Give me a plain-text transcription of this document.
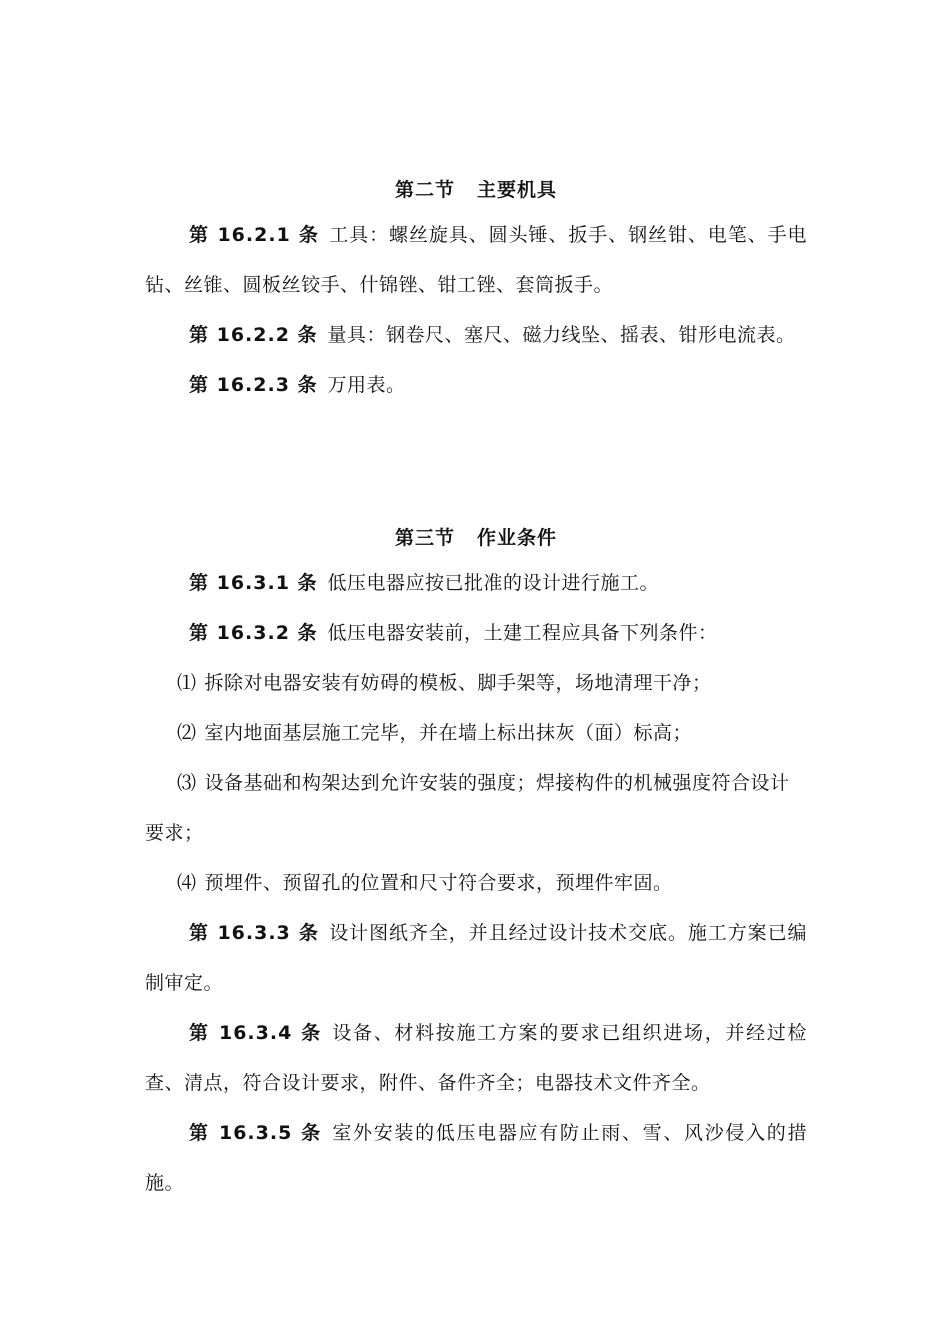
第二节 主要机具

第 16.2.1 条 工具：螺丝旋具、圆头锤、扳手、钢丝钳、电笔、手电钻、丝锥、圆板丝铰手、什锦锉、钳工锉、套筒扳手。

第 16.2.2 条 量具：钢卷尺、塞尺、磁力线坠、摇表、钳形电流表。

第 16.2.3 条 万用表。

第三节 作业条件

第 16.3.1 条 低压电器应按已批准的设计进行施工。

第 16.3.2 条 低压电器安装前，土建工程应具备下列条件：

⑴ 拆除对电器安装有妨碍的模板、脚手架等，场地清理干净；

⑵ 室内地面基层施工完毕，并在墙上标出抹灰（面）标高；

⑶ 设备基础和构架达到允许安装的强度；焊接构件的机械强度符合设计要求；

⑷ 预埋件、预留孔的位置和尺寸符合要求，预埋件牢固。

第 16.3.3 条 设计图纸齐全，并且经过设计技术交底。施工方案已编制审定。

第 16.3.4 条 设备、材料按施工方案的要求已组织进场，并经过检查、清点，符合设计要求，附件、备件齐全；电器技术文件齐全。

第 16.3.5 条 室外安装的低压电器应有防止雨、雪、风沙侵入的措施。
